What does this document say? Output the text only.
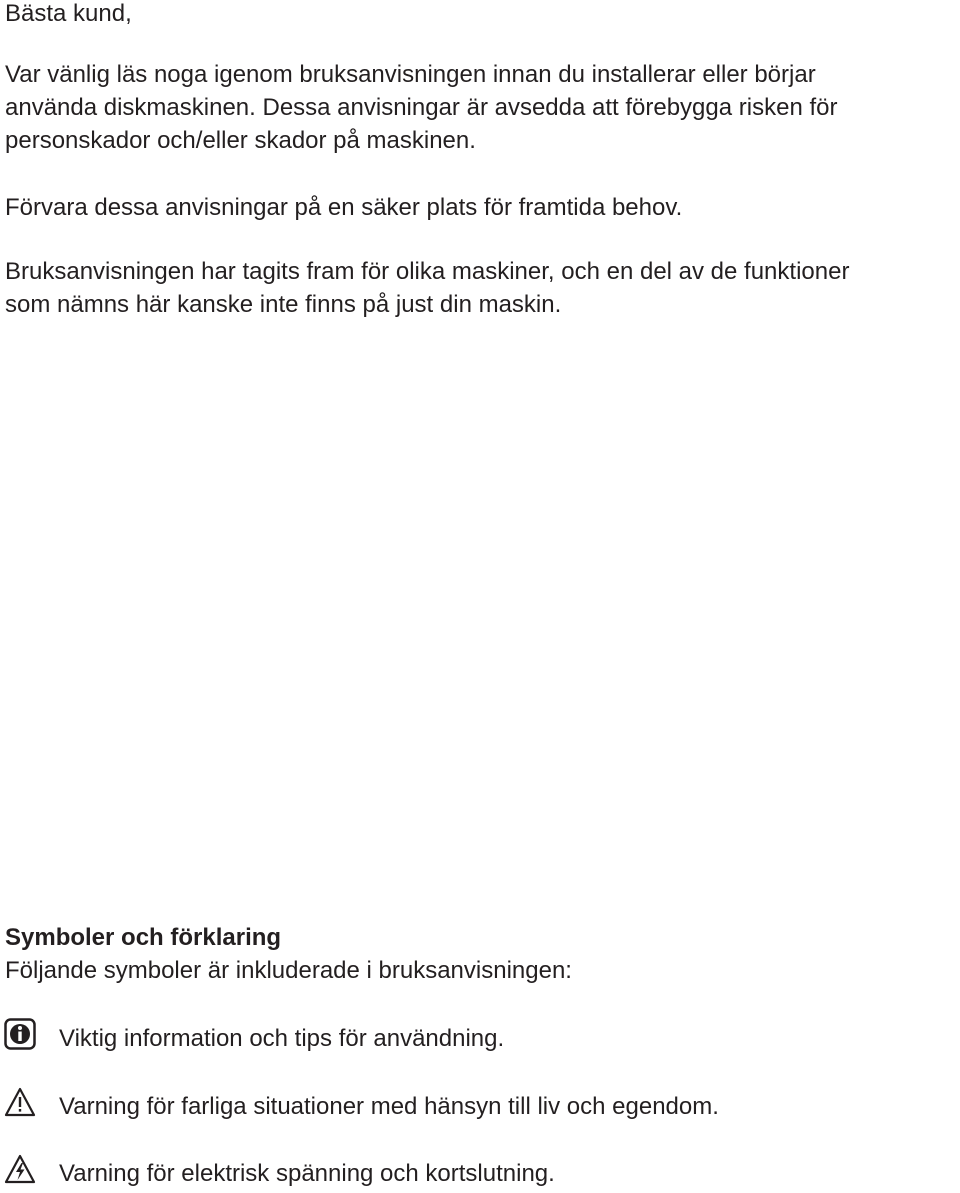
Bästa kund,

Var vänlig läs noga igenom bruksanvisningen innan du installerar eller börjar

använda diskmaskinen. Dessa anvisningar är avsedda att förebygga risken för

personskador och/eller skador på maskinen.

Förvara dessa anvisningar på en säker plats för framtida behov.

Bruksanvisningen har tagits fram för olika maskiner, och en del av de funktioner

som nämns här kanske inte finns på just din maskin.

Symboler och förklaring

Följande symboler är inkluderade i bruksanvisningen:

Viktig information och tips för användning.
Varning för farliga situationer med hänsyn till liv och egendom.
Varning för elektrisk spänning och kortslutning.
